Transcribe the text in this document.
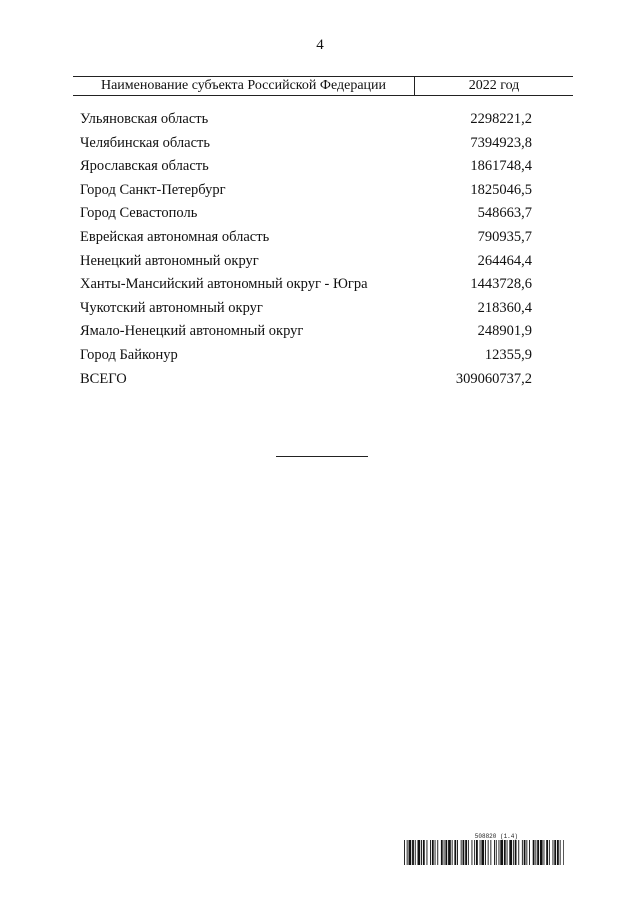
4
Наименование субъекта Российской Федерации	2022 год
Ульяновская область	2298221,2
Челябинская область	7394923,8
Ярославская область	1861748,4
Город Санкт-Петербург	1825046,5
Город Севастополь	548663,7
Еврейская автономная область	790935,7
Ненецкий автономный округ	264464,4
Ханты-Мансийский автономный округ - Югра	1443728,6
Чукотский автономный округ	218360,4
Ямало-Ненецкий автономный округ	248901,9
Город Байконур	12355,9
ВСЕГО	309060737,2
508820 (1.4)
